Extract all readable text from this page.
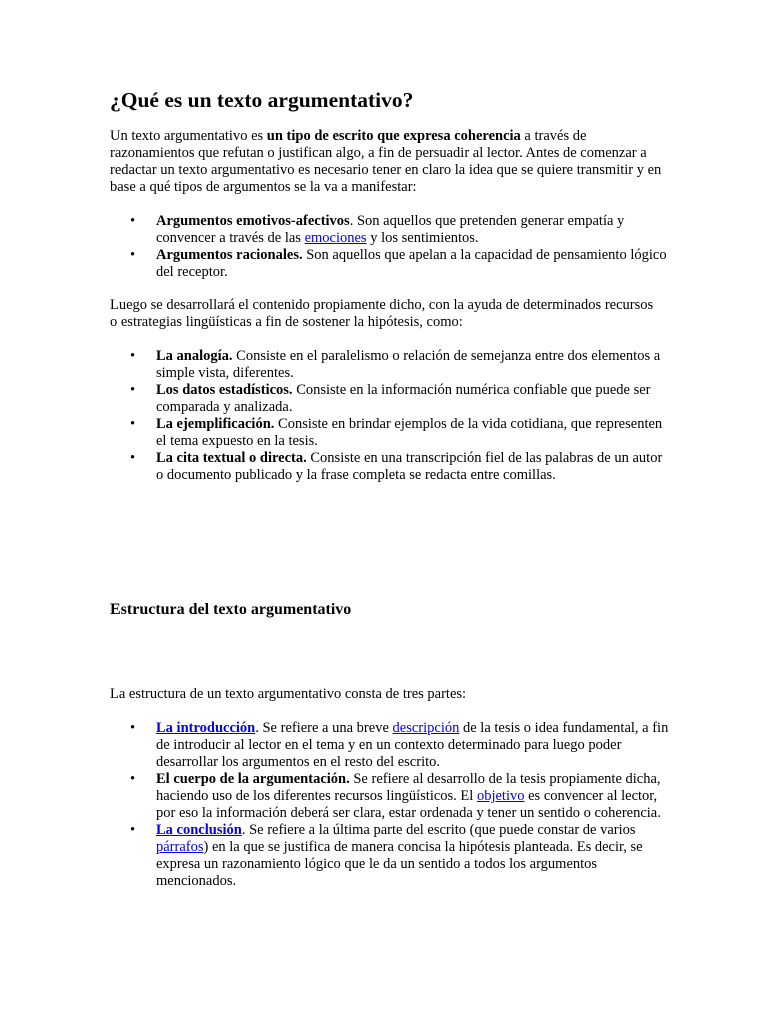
¿Qué es un texto argumentativo?

Un texto argumentativo es un tipo de escrito que expresa coherencia a través de razonamientos que refutan o justifican algo, a fin de persuadir al lector. Antes de comenzar a redactar un texto argumentativo es necesario tener en claro la idea que se quiere transmitir y en base a qué tipos de argumentos se la va a manifestar:

• Argumentos emotivos-afectivos. Son aquellos que pretenden generar empatía y convencer a través de las emociones y los sentimientos.
• Argumentos racionales. Son aquellos que apelan a la capacidad de pensamiento lógico del receptor.

Luego se desarrollará el contenido propiamente dicho, con la ayuda de determinados recursos o estrategias lingüísticas a fin de sostener la hipótesis, como:

• La analogía. Consiste en el paralelismo o relación de semejanza entre dos elementos a simple vista, diferentes.
• Los datos estadísticos. Consiste en la información numérica confiable que puede ser comparada y analizada.
• La ejemplificación. Consiste en brindar ejemplos de la vida cotidiana, que representen el tema expuesto en la tesis.
• La cita textual o directa. Consiste en una transcripción fiel de las palabras de un autor o documento publicado y la frase completa se redacta entre comillas.
Estructura del texto argumentativo

La estructura de un texto argumentativo consta de tres partes:

• La introducción. Se refiere a una breve descripción de la tesis o idea fundamental, a fin de introducir al lector en el tema y en un contexto determinado para luego poder desarrollar los argumentos en el resto del escrito.
• El cuerpo de la argumentación. Se refiere al desarrollo de la tesis propiamente dicha, haciendo uso de los diferentes recursos lingüísticos. El objetivo es convencer al lector, por eso la información deberá ser clara, estar ordenada y tener un sentido o coherencia.
• La conclusión. Se refiere a la última parte del escrito (que puede constar de varios párrafos) en la que se justifica de manera concisa la hipótesis planteada. Es decir, se expresa un razonamiento lógico que le da un sentido a todos los argumentos mencionados.
